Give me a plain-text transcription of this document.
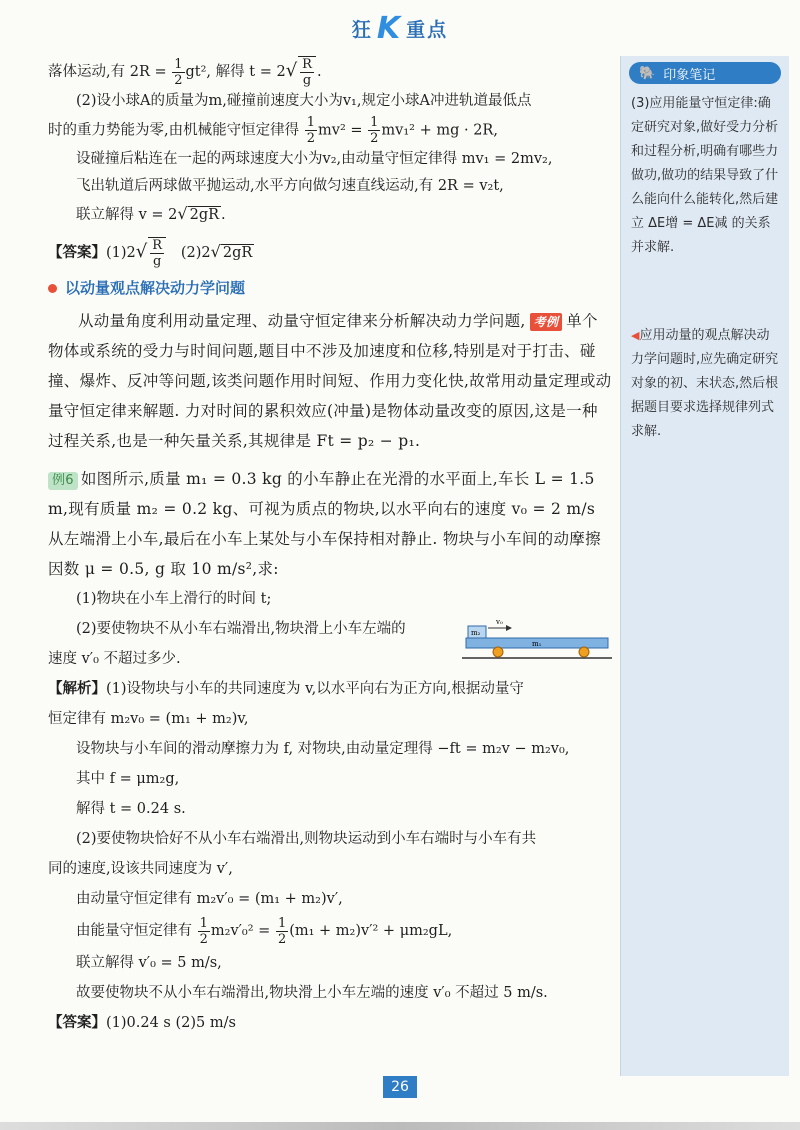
狂 K 重点

落体运动,有 $2R = \frac{1}{2} gt^2$, 解得 $t = 2√ \frac{R}{g}$ .

(2)设小球A的质量为m,碰撞前速度大小为v₁,规定小球A冲进轨道最低点

时的重力势能为零,由机械能守恒定律得 $\frac{1}{2} mv^2 = \frac{1}{2} mv_1^2$ + mg · 2R,

设碰撞后粘连在一起的两球速度大小为v₂,由动量守恒定律得 mv₁ = 2mv₂,

飞出轨道后两球做平抛运动,水平方向做匀速直线运动,有 2R = v₂t,

联立解得 v = 2√ 2gR .

【答案】$(1)2√ \frac{R}{g} (2)2√$ 2gR

以动量观点解决动力学问题

从动量角度利用动量定理、动量守恒定律来分析解决动力学问题, 考例 单个物体或系统的受力与时间问题,题目中不涉及加速度和位移,特别是对于打击、碰撞、爆炸、反冲等问题,该类问题作用时间短、作用力变化快,故常用动量定理或动量守恒定律来解题. 力对时间的累积效应(冲量)是物体动量改变的原因,这是一种过程关系,也是一种矢量关系,其规律是 Ft = p₂ − p₁.

例6 如图所示,质量 m₁ = 0.3 kg 的小车静止在光滑的水平面上,车长 L = 1.5 m,现有质量 m₂ = 0.2 kg、可视为质点的物块,以水平向右的速度 v₀ = 2 m/s 从左端滑上小车,最后在小车上某处与小车保持相对静止. 物块与小车间的动摩擦因数 μ = 0.5, g 取 10 m/s²,求:

(1)物块在小车上滑行的时间 t;

(2)要使物块不从小车右端滑出,物块滑上小车左端的

速度 v′₀ 不超过多少.

【解析】(1)设物块与小车的共同速度为 v,以水平向右为正方向,根据动量守

恒定律有 m₂v₀ = (m₁ + m₂)v,

设物块与小车间的滑动摩擦力为 f, 对物块,由动量定理得 −ft = m₂v − m₂v₀,

其中 f = μm₂g,

解得 t = 0.24 s.

(2)要使物块恰好不从小车右端滑出,则物块运动到小车右端时与小车有共

同的速度,设该共同速度为 v′,

由动量守恒定律有 m₂v′₀ = (m₁ + m₂)v′,

由能量守恒定律有 $\frac{1}{2} m_2v'_0^2 = \frac{1}{2} (m_1 + m_2)v'^2 + \mu m_2gL$,

联立解得 v′₀ = 5 m/s,

故要使物块不从小车右端滑出,物块滑上小车左端的速度 v′₀ 不超过 5 m/s.

【答案】(1)0.24 s (2)5 m/s

m₂
m₁
v₀
🐘 印象笔记
(3)应用能量守恒定律:确定研究对象,做好受力分析和过程分析,明确有哪些力做功,做功的结果导致了什么能向什么能转化,然后建立 ΔE增 = ΔE减 的关系并求解.
◀应用动量的观点解决动力学问题时,应先确定研究对象的初、末状态,然后根据题目要求选择规律列式求解.
26
